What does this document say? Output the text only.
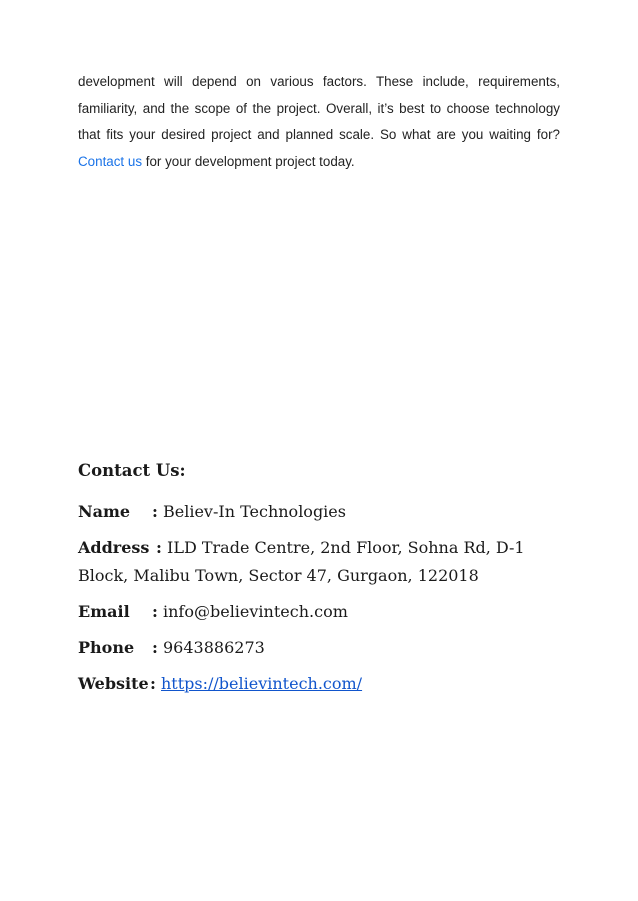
development will depend on various factors. These include, requirements, familiarity, and the scope of the project. Overall, it’s best to choose technology that fits your desired project and planned scale. So what are you waiting for? Contact us for your development project today.

Contact Us:
Name : Believ-In Technologies
Address : ILD Trade Centre, 2nd Floor, Sohna Rd, D-1 Block, Malibu Town, Sector 47, Gurgaon, 122018
Email : info@believintech.com
Phone : 9643886273
Website: https://believintech.com/
